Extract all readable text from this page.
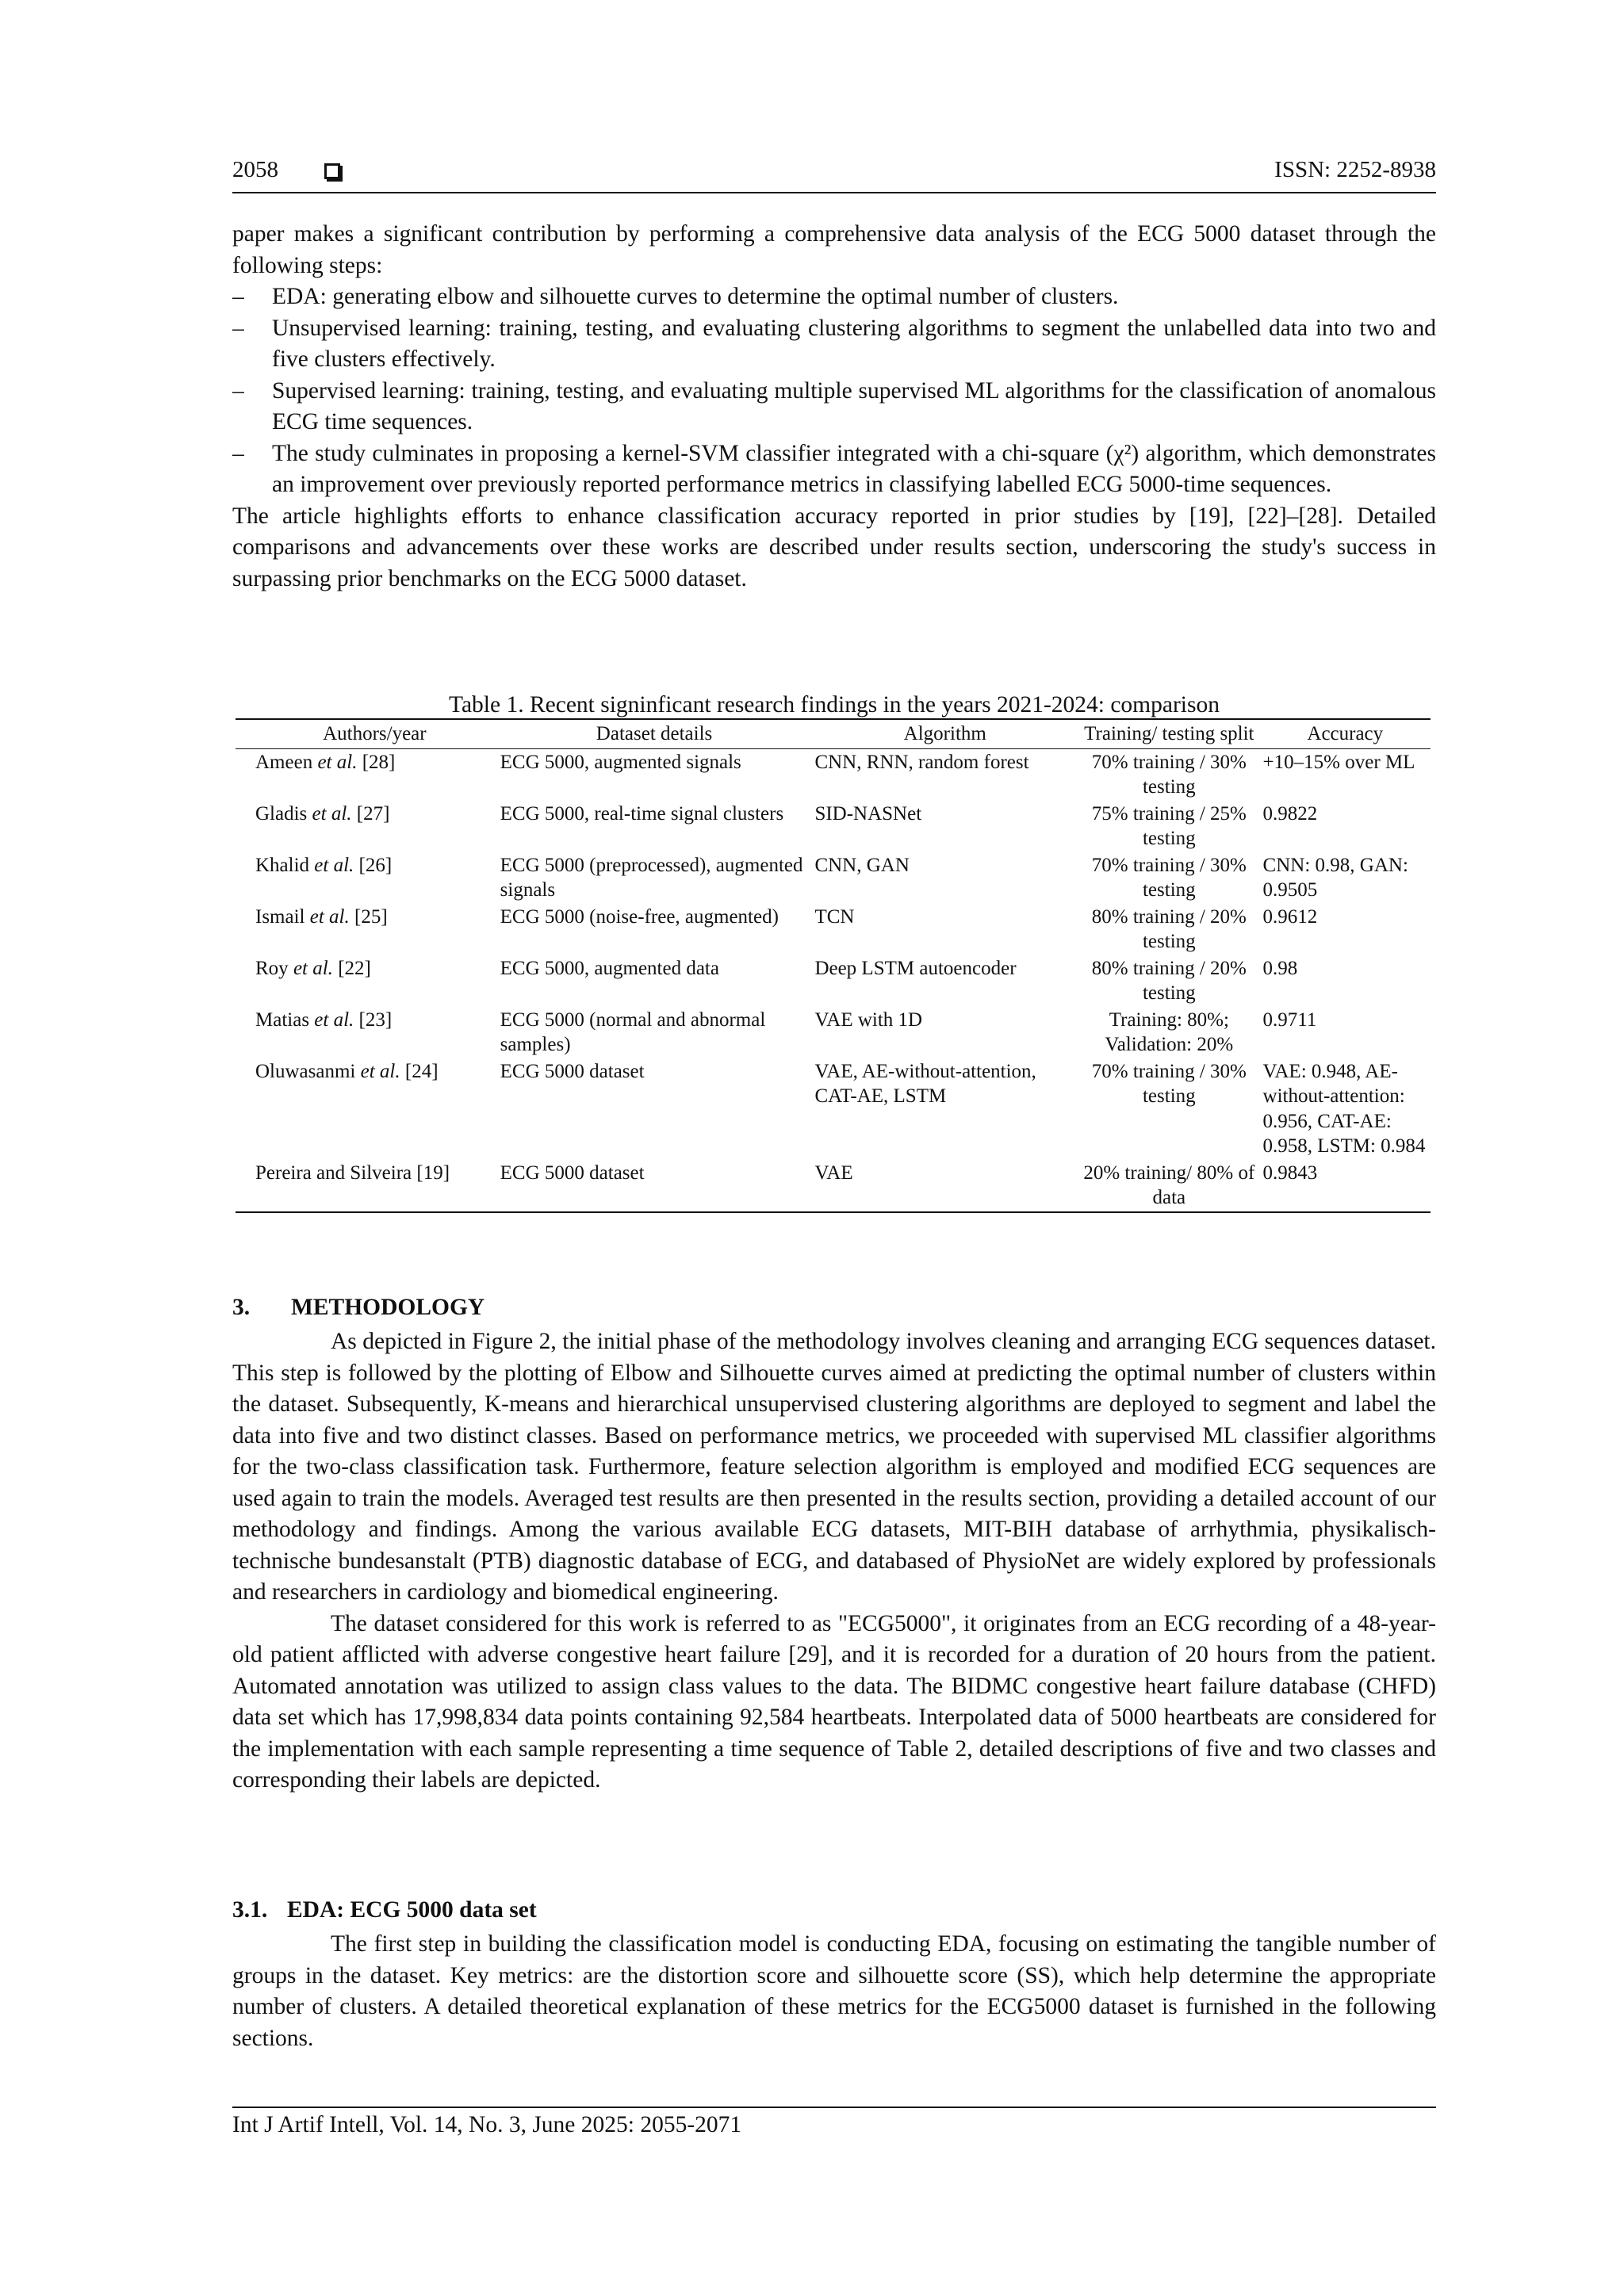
2058	ISSN: 2252-8938

paper makes a significant contribution by performing a comprehensive data analysis of the ECG 5000 dataset through the following steps:

– EDA: generating elbow and silhouette curves to determine the optimal number of clusters.
– Unsupervised learning: training, testing, and evaluating clustering algorithms to segment the unlabelled data into two and five clusters effectively.
– Supervised learning: training, testing, and evaluating multiple supervised ML algorithms for the classification of anomalous ECG time sequences.
– The study culminates in proposing a kernel-SVM classifier integrated with a chi-square (χ²) algorithm, which demonstrates an improvement over previously reported performance metrics in classifying labelled ECG 5000-time sequences.

The article highlights efforts to enhance classification accuracy reported in prior studies by [19], [22]–[28]. Detailed comparisons and advancements over these works are described under results section, underscoring the study's success in surpassing prior benchmarks on the ECG 5000 dataset.

Table 1. Recent signinficant research findings in the years 2021-2024: comparison
Authors/year	Dataset details	Algorithm	Training/ testing split	Accuracy
Ameen et al. [28]	ECG 5000, augmented signals	CNN, RNN, random forest	70% training / 30% testing	+10–15% over ML
Gladis et al. [27]	ECG 5000, real-time signal clusters	SID-NASNet	75% training / 25% testing	0.9822
Khalid et al. [26]	ECG 5000 (preprocessed), augmented signals	CNN, GAN	70% training / 30% testing	CNN: 0.98, GAN: 0.9505
Ismail et al. [25]	ECG 5000 (noise-free, augmented)	TCN	80% training / 20% testing	0.9612
Roy et al. [22]	ECG 5000, augmented data	Deep LSTM autoencoder	80% training / 20% testing	0.98
Matias et al. [23]	ECG 5000 (normal and abnormal samples)	VAE with 1D	Training: 80%; Validation: 20%	0.9711
Oluwasanmi et al. [24]	ECG 5000 dataset	VAE, AE-without-attention, CAT-AE, LSTM	70% training / 30% testing	VAE: 0.948, AE-without-attention: 0.956, CAT-AE: 0.958, LSTM: 0.984
Pereira and Silveira [19]	ECG 5000 dataset	VAE	20% training/ 80% of data	0.9843
3. METHODOLOGY

As depicted in Figure 2, the initial phase of the methodology involves cleaning and arranging ECG sequences dataset. This step is followed by the plotting of Elbow and Silhouette curves aimed at predicting the optimal number of clusters within the dataset. Subsequently, K-means and hierarchical unsupervised clustering algorithms are deployed to segment and label the data into five and two distinct classes. Based on performance metrics, we proceeded with supervised ML classifier algorithms for the two-class classification task. Furthermore, feature selection algorithm is employed and modified ECG sequences are used again to train the models. Averaged test results are then presented in the results section, providing a detailed account of our methodology and findings. Among the various available ECG datasets, MIT-BIH database of arrhythmia, physikalisch-technische bundesanstalt (PTB) diagnostic database of ECG, and databased of PhysioNet are widely explored by professionals and researchers in cardiology and biomedical engineering.

The dataset considered for this work is referred to as "ECG5000", it originates from an ECG recording of a 48-year-old patient afflicted with adverse congestive heart failure [29], and it is recorded for a duration of 20 hours from the patient. Automated annotation was utilized to assign class values to the data. The BIDMC congestive heart failure database (CHFD) data set which has 17,998,834 data points containing 92,584 heartbeats. Interpolated data of 5000 heartbeats are considered for the implementation with each sample representing a time sequence of Table 2, detailed descriptions of five and two classes and corresponding their labels are depicted.

3.1. EDA: ECG 5000 data set

The first step in building the classification model is conducting EDA, focusing on estimating the tangible number of groups in the dataset. Key metrics: are the distortion score and silhouette score (SS), which help determine the appropriate number of clusters. A detailed theoretical explanation of these metrics for the ECG5000 dataset is furnished in the following sections.

Int J Artif Intell, Vol. 14, No. 3, June 2025: 2055-2071
